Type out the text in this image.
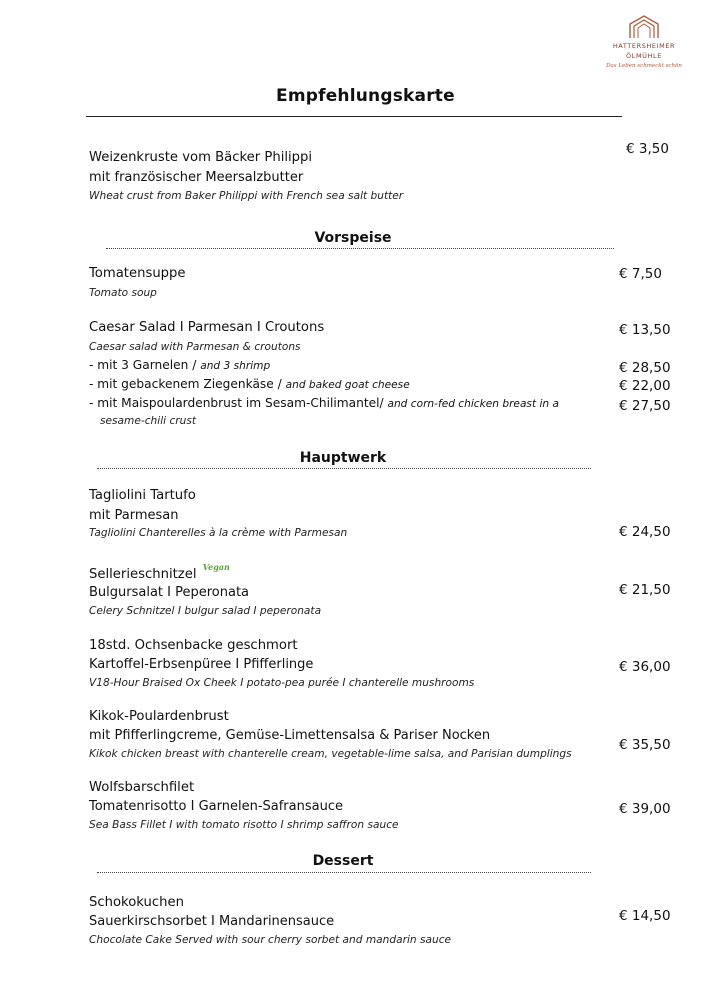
HATTERSHEIMER
ÖLMÜHLE
Das Leben schmeckt schön
Empfehlungskarte
Weizenkruste vom Bäcker Philippi
mit französischer Meersalzbutter
Wheat crust from Baker Philippi with French sea salt butter
€ 3,50
Vorspeise
Tomatensuppe
Tomato soup
€ 7,50
Caesar Salad I Parmesan I Croutons
Caesar salad with Parmesan & croutons
€ 13,50
- mit 3 Garnelen / and 3 shrimp	€ 28,50
- mit gebackenem Ziegenkäse / and baked goat cheese	€ 22,00
- mit Maispoulardenbrust im Sesam-Chilimantel/ and corn-fed chicken breast in a
sesame-chili crust
€ 27,50
Hauptwerk
Tagliolini Tartufo
mit Parmesan
Tagliolini Chanterelles à la crème with Parmesan	€ 24,50
Sellerieschnitzel $^{Vegan}$
Bulgursalat I Peperonata
Celery Schnitzel I bulgur salad I peperonata
€ 21,50
18std. Ochsenbacke geschmort
Kartoffel-Erbsenpüree I Pfifferlinge
V18-Hour Braised Ox Cheek I potato-pea purée I chanterelle mushrooms
€ 36,00
Kikok-Poulardenbrust
mit Pfifferlingcreme, Gemüse-Limettensalsa & Pariser Nocken
Kikok chicken breast with chanterelle cream, vegetable-lime salsa, and Parisian dumplings
€ 35,50
Wolfsbarschfilet
Tomatenrisotto I Garnelen-Safransauce
Sea Bass Fillet I with tomato risotto I shrimp saffron sauce
€ 39,00
Dessert
Schokokuchen
Sauerkirschsorbet I Mandarinensauce
Chocolate Cake Served with sour cherry sorbet and mandarin sauce
€ 14,50
